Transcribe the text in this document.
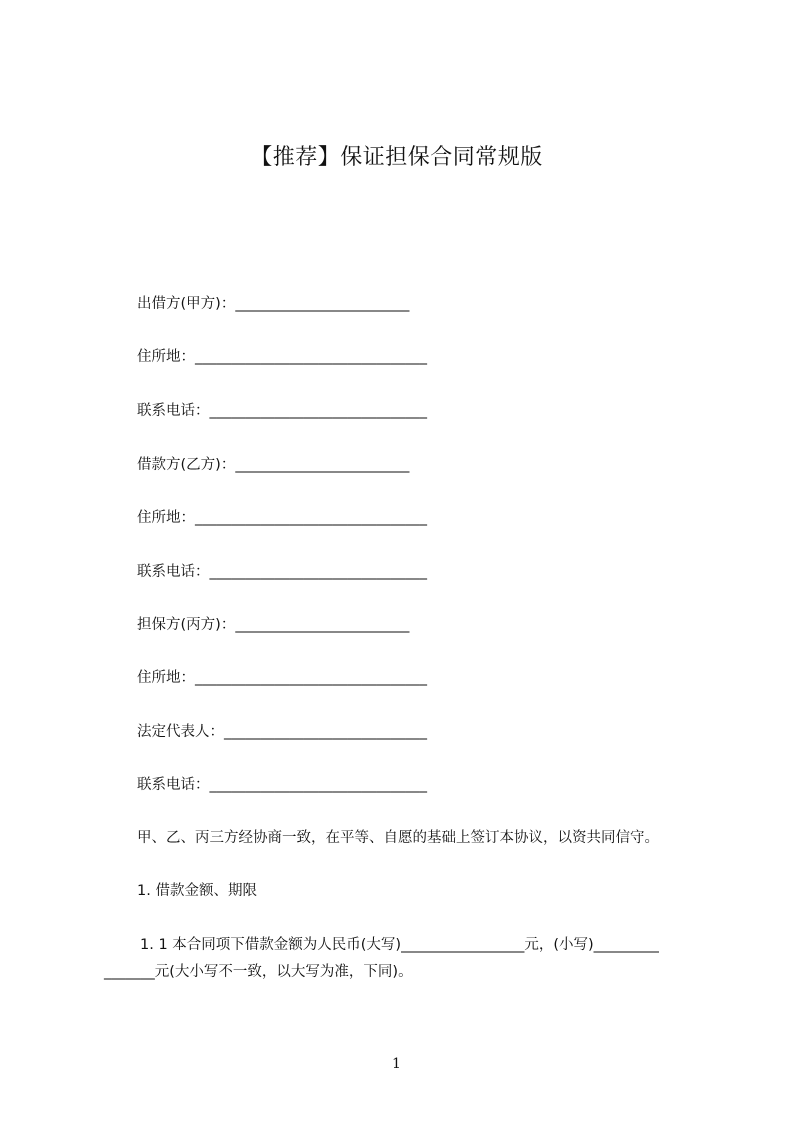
【推荐】保证担保合同常规版
出借方(甲方)：________________________
住所地：________________________________
联系电话：______________________________
借款方(乙方)：________________________
住所地：________________________________
联系电话：______________________________
担保方(丙方)：________________________
住所地：________________________________
法定代表人：____________________________
联系电话：______________________________
甲、乙、丙三方经协商一致，在平等、自愿的基础上签订本协议，以资共同信守。
1. 借款金额、期限
1. 1 本合同项下借款金额为人民币(大写)_________________元，(小写)_________
_______元(大小写不一致，以大写为准，下同)。
1
